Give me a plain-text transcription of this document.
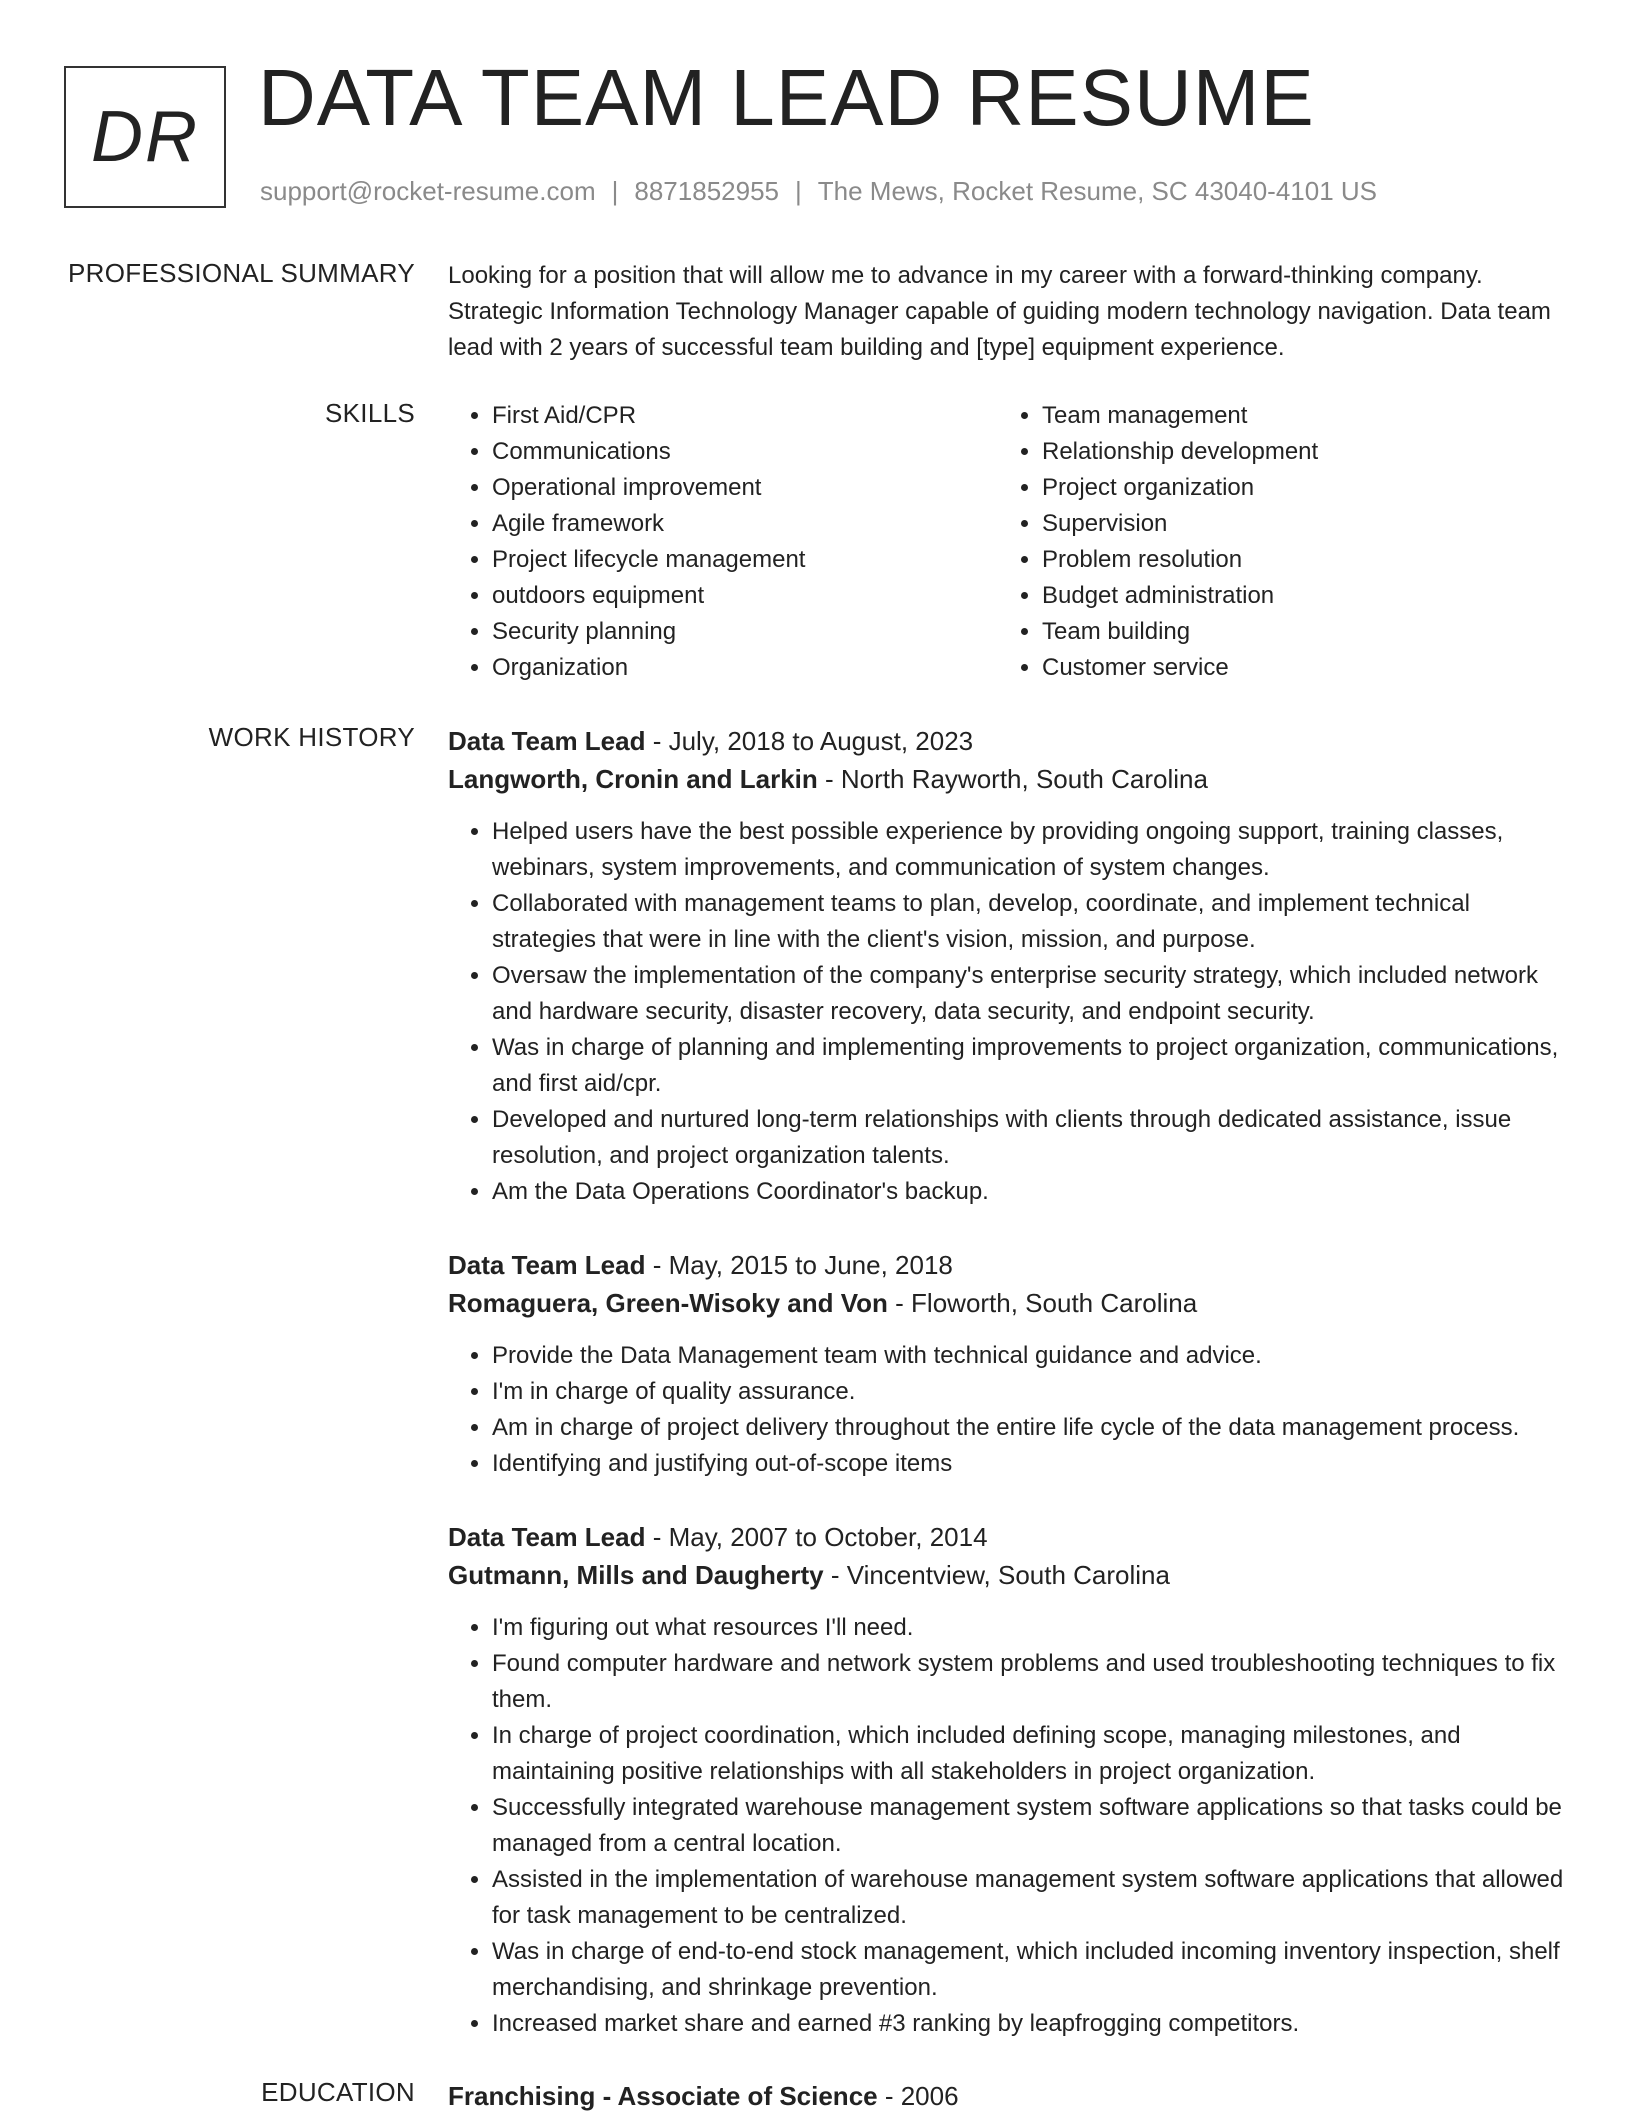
DR DATA TEAM LEAD RESUME
support@rocket-resume.com | 8871852955 | The Mews, Rocket Resume, SC 43040-4101 US
PROFESSIONAL SUMMARY Looking for a position that will allow me to advance in my career with a forward-thinking company. Strategic Information Technology Manager capable of guiding modern technology navigation. Data team lead with 2 years of successful team building and [type] equipment experience.
SKILLS
•	First Aid/CPR
• Communications
• Operational improvement
• Agile framework
• Project lifecycle management
• outdoors equipment
• Security planning
• Organization
• Team management
• Relationship development
• Project organization
• Supervision
• Problem resolution
• Budget administration
• Team building
• Customer service
WORK HISTORY Data Team Lead - July, 2018 to August, 2023
Langworth, Cronin and Larkin - North Rayworth, South Carolina
• Helped users have the best possible experience by providing ongoing support, training classes, webinars, system improvements, and communication of system changes.
• Collaborated with management teams to plan, develop, coordinate, and implement technical strategies that were in line with the client's vision, mission, and purpose.
• Oversaw the implementation of the company's enterprise security strategy, which included network and hardware security, disaster recovery, data security, and endpoint security.
• Was in charge of planning and implementing improvements to project organization, communications, and first aid/cpr.
• Developed and nurtured long-term relationships with clients through dedicated assistance, issue resolution, and project organization talents.
• Am the Data Operations Coordinator's backup.
Data Team Lead - May, 2015 to June, 2018
Romaguera, Green-Wisoky and Von - Floworth, South Carolina
• Provide the Data Management team with technical guidance and advice.
• I'm in charge of quality assurance.
• Am in charge of project delivery throughout the entire life cycle of the data management process.
• Identifying and justifying out-of-scope items
Data Team Lead - May, 2007 to October, 2014
Gutmann, Mills and Daugherty - Vincentview, South Carolina
• I'm figuring out what resources I'll need.
• Found computer hardware and network system problems and used troubleshooting techniques to fix them.
• In charge of project coordination, which included defining scope, managing milestones, and maintaining positive relationships with all stakeholders in project organization.
• Successfully integrated warehouse management system software applications so that tasks could be managed from a central location.
• Assisted in the implementation of warehouse management system software applications that allowed for task management to be centralized.
• Was in charge of end-to-end stock management, which included incoming inventory inspection, shelf merchandising, and shrinkage prevention.
• Increased market share and earned #3 ranking by leapfrogging competitors.
EDUCATION Franchising - Associate of Science - 2006
